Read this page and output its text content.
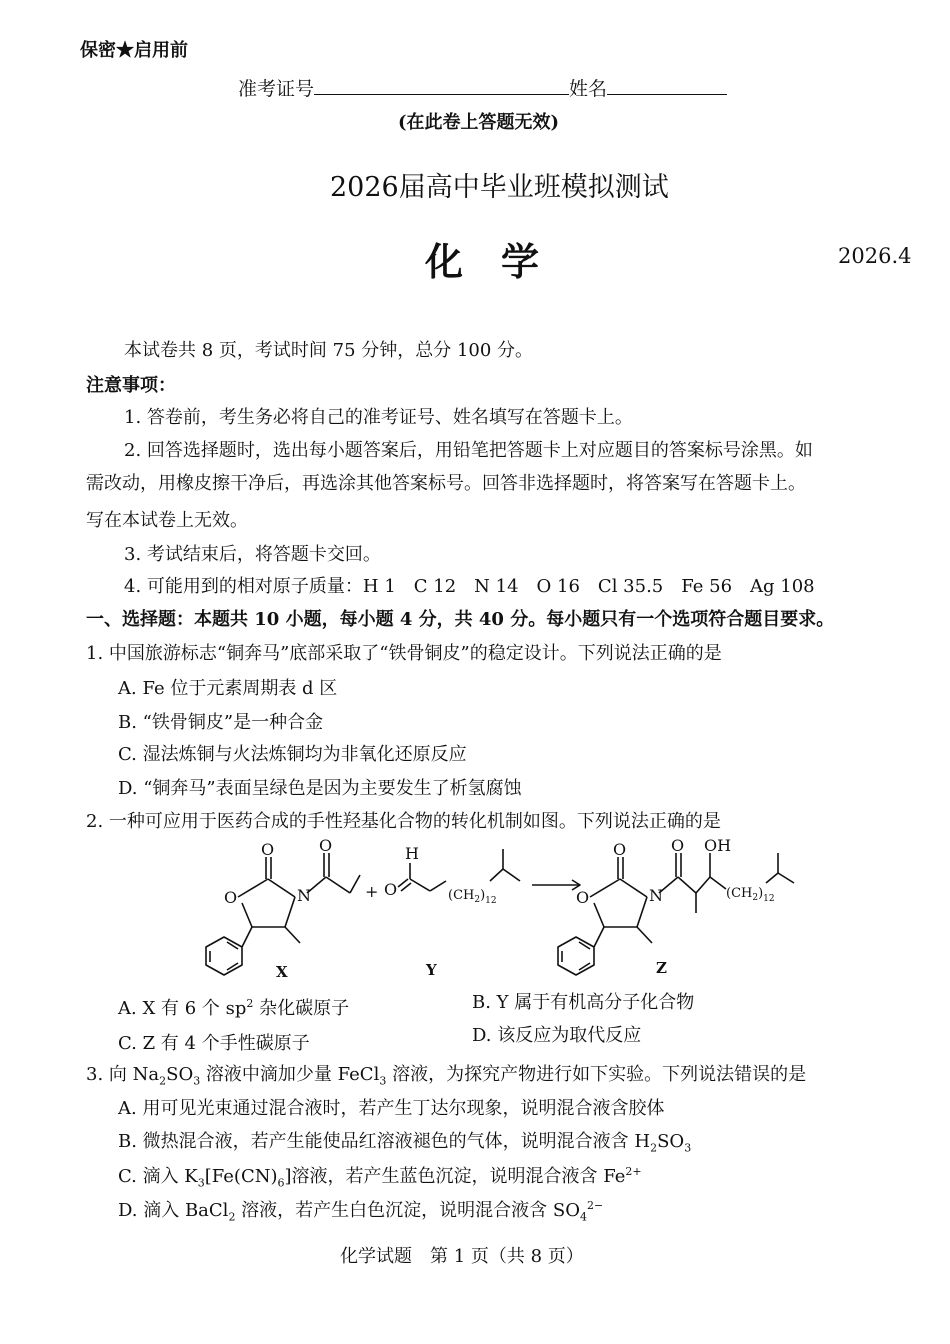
保密★启用前
准考证号	姓名
(在此卷上答题无效)
2026届高中毕业班模拟测试
化　学	2026.4
本试卷共 8 页，考试时间 75 分钟，总分 100 分。
注意事项：
1. 答卷前，考生务必将自己的准考证号、姓名填写在答题卡上。
2. 回答选择题时，选出每小题答案后，用铅笔把答题卡上对应题目的答案标号涂黑。如
需改动，用橡皮擦干净后，再选涂其他答案标号。回答非选择题时，将答案写在答题卡上。
写在本试卷上无效。
3. 考试结束后，将答题卡交回。
4. 可能用到的相对原子质量：H 1　C 12　N 14　O 16　Cl 35.5　Fe 56　Ag 108
一、选择题：本题共 10 小题，每小题 4 分，共 40 分。每小题只有一个选项符合题目要求。
1. 中国旅游标志“铜奔马”底部采取了“铁骨铜皮”的稳定设计。下列说法正确的是
A. Fe 位于元素周期表 d 区
B. “铁骨铜皮”是一种合金
C. 湿法炼铜与火法炼铜均为非氧化还原反应
D. “铜奔马”表面呈绿色是因为主要发生了析氢腐蚀
2. 一种可应用于医药合成的手性羟基化合物的转化机制如图。下列说法正确的是
O
O	N
O
+
H
O	$(CH_2)_{12}$
O
O	N
O OH
$(CH_2)_{12}$
X	Y	Z
A. X 有 6 个 $sp^2$ 杂化碳原子	B. Y 属于有机高分子化合物
C. Z 有 4 个手性碳原子	D. 该反应为取代反应
3. 向 $Na_2SO_3$ 溶液中滴加少量 FeCl$_3$ 溶液，为探究产物进行如下实验。下列说法错误的是
A. 用可见光束通过混合液时，若产生丁达尔现象，说明混合液含胶体
B. 微热混合液，若产生能使品红溶液褪色的气体，说明混合液含 $H_2SO_3$
C. 滴入 $K_3[Fe(CN)_6]$溶液，若产生蓝色沉淀，说明混合液含 $Fe^{2+}$
D. 滴入 BaCl$_2$ 溶液，若产生白色沉淀，说明混合液含 $SO_4^{2-}$
化学试题　第 1 页（共 8 页）
